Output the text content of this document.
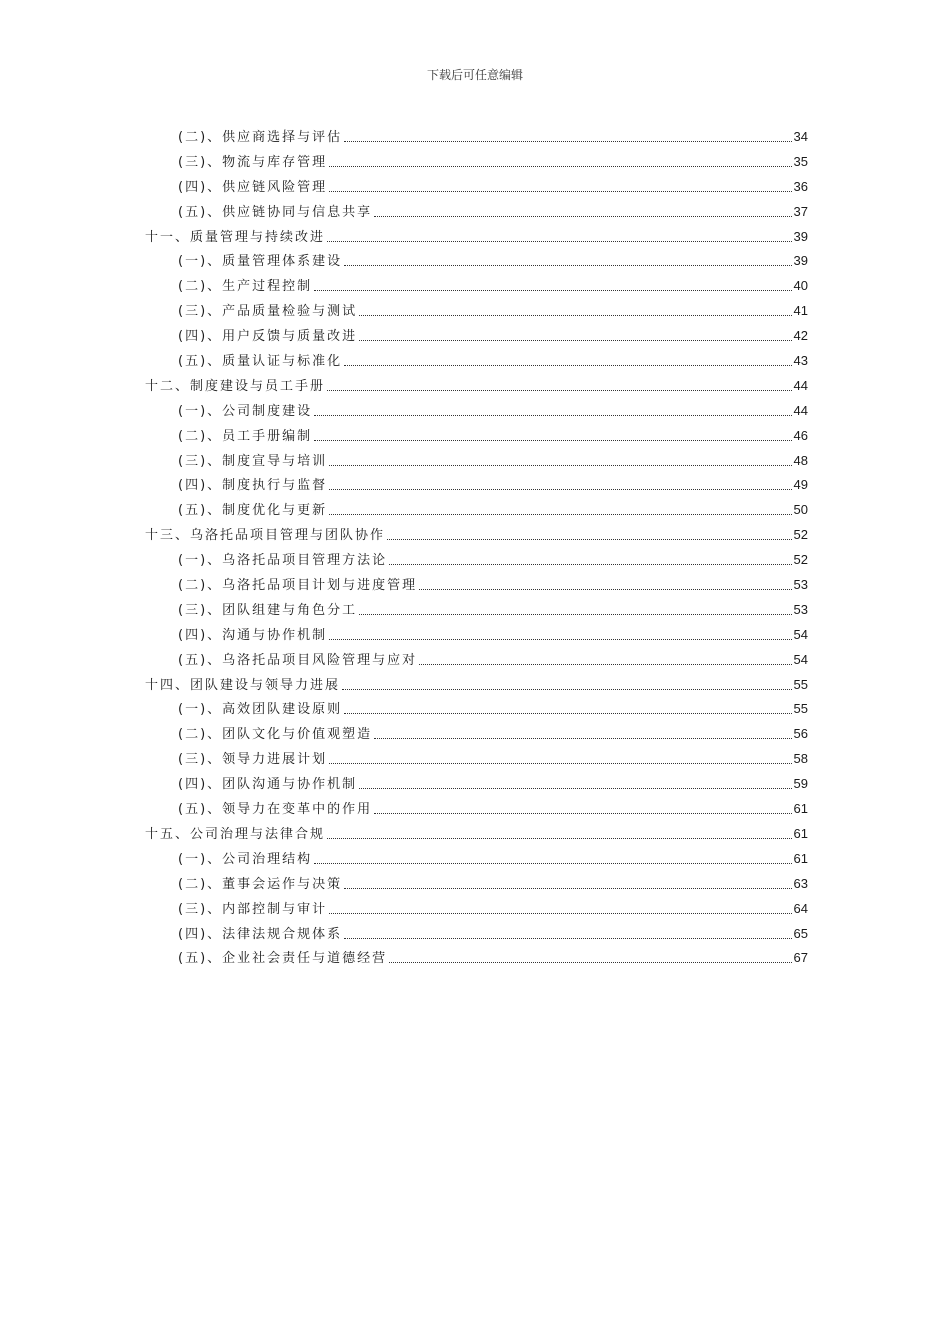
下载后可任意编辑
(二)、供应商选择与评估	34
(三)、物流与库存管理	35
(四)、供应链风险管理	36
(五)、供应链协同与信息共享	37
十一、质量管理与持续改进	39
(一)、质量管理体系建设	39
(二)、生产过程控制	40
(三)、产品质量检验与测试	41
(四)、用户反馈与质量改进	42
(五)、质量认证与标准化	43
十二、制度建设与员工手册	44
(一)、公司制度建设	44
(二)、员工手册编制	46
(三)、制度宣导与培训	48
(四)、制度执行与监督	49
(五)、制度优化与更新	50
十三、乌洛托品项目管理与团队协作	52
(一)、乌洛托品项目管理方法论	52
(二)、乌洛托品项目计划与进度管理	53
(三)、团队组建与角色分工	53
(四)、沟通与协作机制	54
(五)、乌洛托品项目风险管理与应对	54
十四、团队建设与领导力进展	55
(一)、高效团队建设原则	55
(二)、团队文化与价值观塑造	56
(三)、领导力进展计划	58
(四)、团队沟通与协作机制	59
(五)、领导力在变革中的作用	61
十五、公司治理与法律合规	61
(一)、公司治理结构	61
(二)、董事会运作与决策	63
(三)、内部控制与审计	64
(四)、法律法规合规体系	65
(五)、企业社会责任与道德经营	67
